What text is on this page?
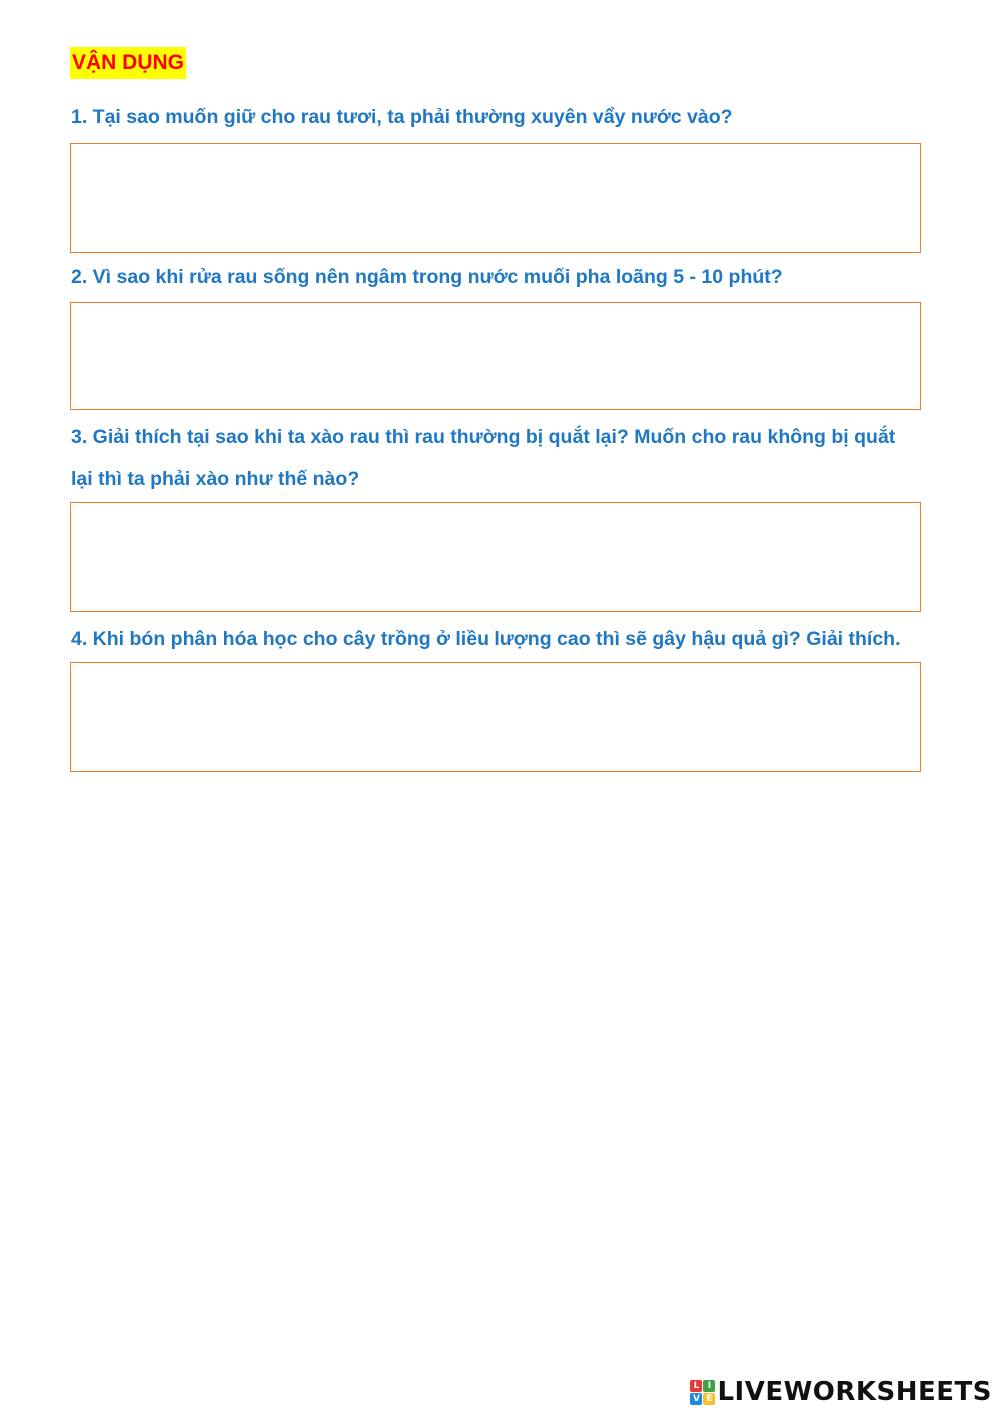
VẬN DỤNG

1. Tại sao muốn giữ cho rau tươi, ta phải thường xuyên vẩy nước vào?

2. Vì sao khi rửa rau sống nên ngâm trong nước muối pha loãng 5 - 10 phút?

3. Giải thích tại sao khi ta xào rau thì rau thường bị quắt lại? Muốn cho rau không bị quắt

lại thì ta phải xào như thế nào?

4. Khi bón phân hóa học cho cây trồng ở liều lượng cao thì sẽ gây hậu quả gì? Giải thích.

L I
V E LIVEWORKSHEETS
